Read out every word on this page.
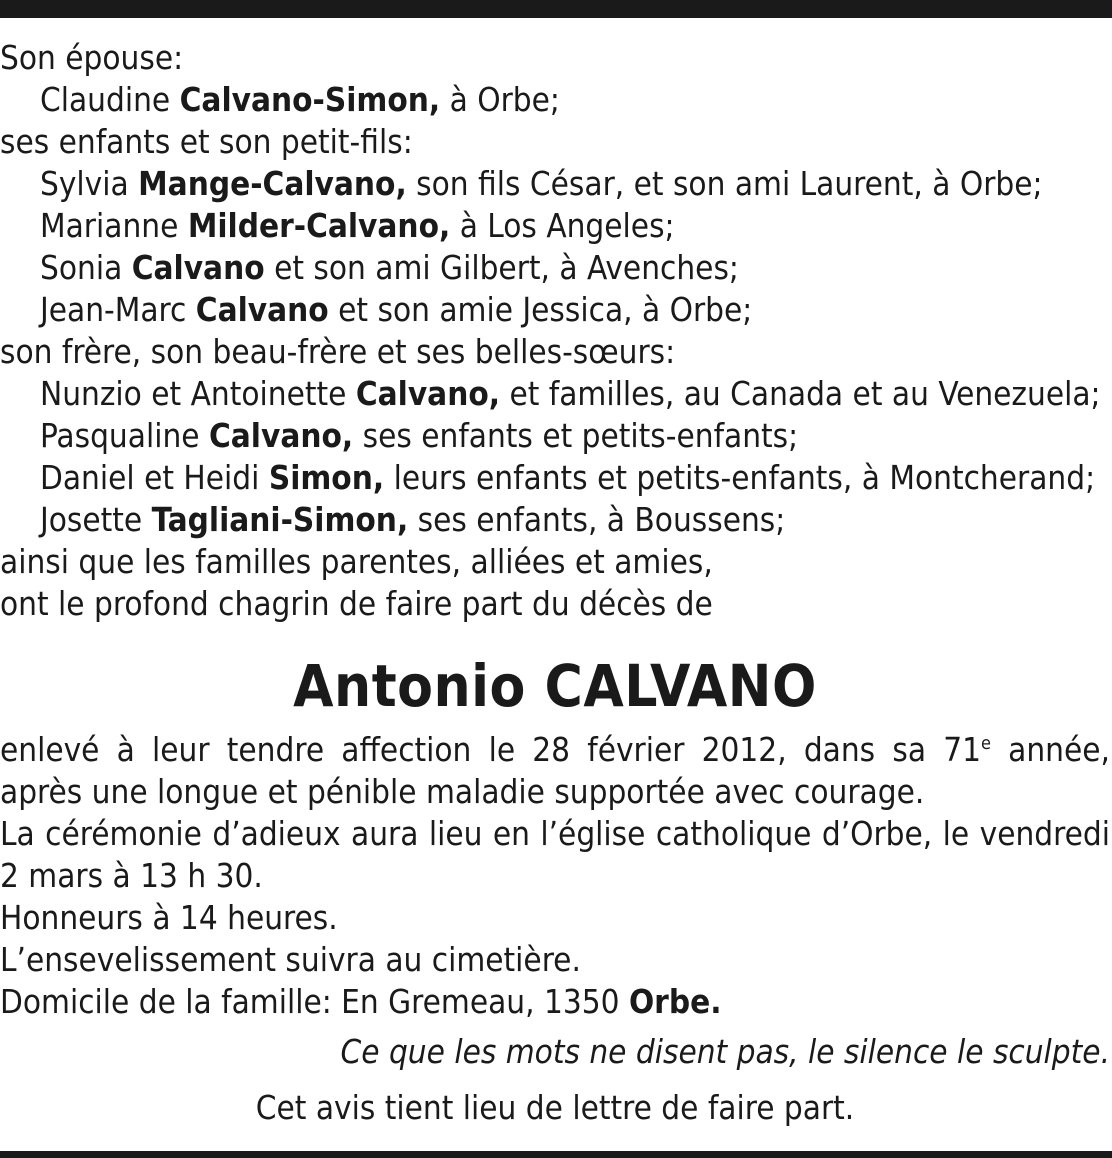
Son épouse:
Claudine Calvano-Simon, à Orbe;
ses enfants et son petit-fils:
Sylvia Mange-Calvano, son fils César, et son ami Laurent, à Orbe;
Marianne Milder-Calvano, à Los Angeles;
Sonia Calvano et son ami Gilbert, à Avenches;
Jean-Marc Calvano et son amie Jessica, à Orbe;
son frère, son beau-frère et ses belles-sœurs:
Nunzio et Antoinette Calvano, et familles, au Canada et au Venezuela;
Pasqualine Calvano, ses enfants et petits-enfants;
Daniel et Heidi Simon, leurs enfants et petits-enfants, à Montcherand;
Josette Tagliani-Simon, ses enfants, à Boussens;
ainsi que les familles parentes, alliées et amies,
ont le profond chagrin de faire part du décès de
Antonio CALVANO
enlevé à leur tendre affection le 28 février 2012, dans sa 71e année,
après une longue et pénible maladie supportée avec courage.
La cérémonie d’adieux aura lieu en l’église catholique d’Orbe, le vendredi
2 mars à 13 h 30.
Honneurs à 14 heures.
L’ensevelissement suivra au cimetière.
Domicile de la famille: En Gremeau, 1350 Orbe.
Ce que les mots ne disent pas, le silence le sculpte.
Cet avis tient lieu de lettre de faire part.
